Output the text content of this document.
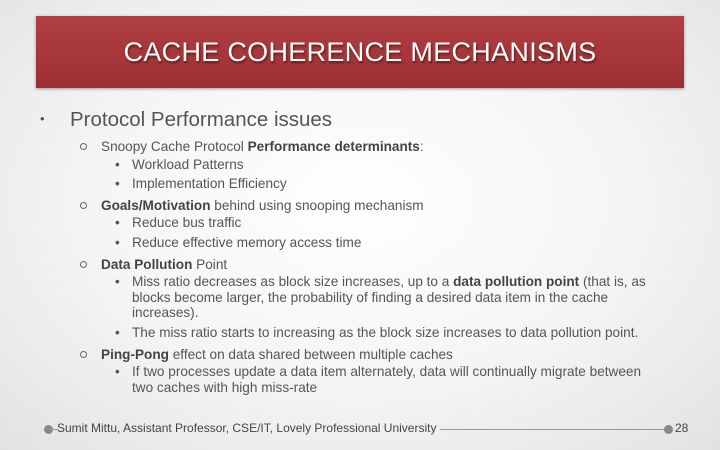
CACHE COHERENCE MECHANISMS
•	Protocol Performance issues
Snoopy Cache Protocol Performance determinants:
• Workload Patterns
• Implementation Efficiency
Goals/Motivation behind using snooping mechanism
• Reduce bus traffic
• Reduce effective memory access time
Data Pollution Point
• Miss ratio decreases as block size increases, up to a data pollution point (that is, as blocks become larger, the probability of finding a desired data item in the cache increases).
• The miss ratio starts to increasing as the block size increases to data pollution point.
Ping-Pong effect on data shared between multiple caches
• If two processes update a data item alternately, data will continually migrate between two caches with high miss-rate
Sumit Mittu, Assistant Professor, CSE/IT, Lovely Professional University	28
